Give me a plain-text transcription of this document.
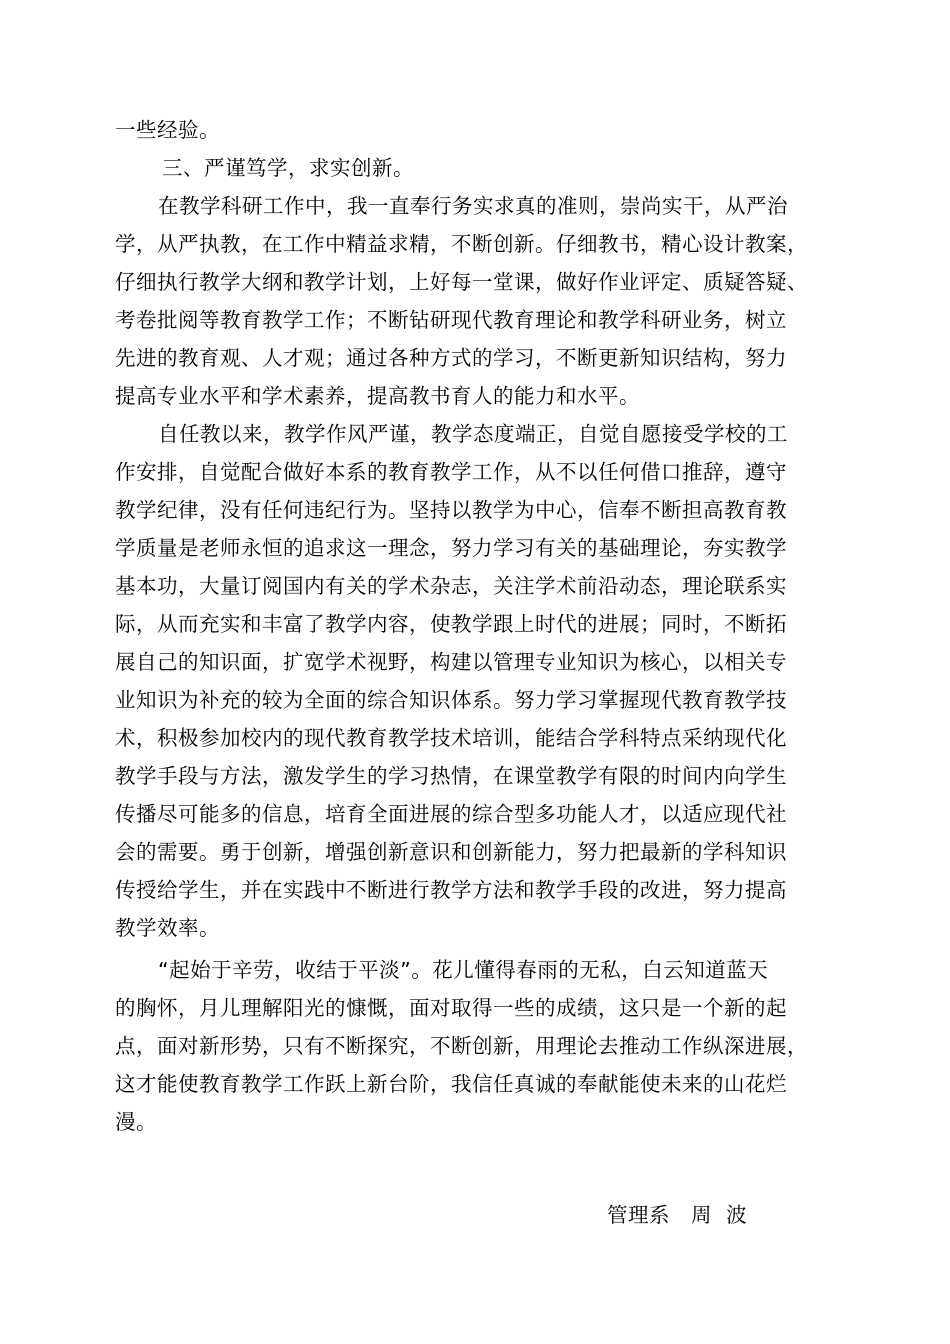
一些经验。
三、严谨笃学，求实创新。
在教学科研工作中，我一直奉行务实求真的准则，崇尚实干，从严治
学，从严执教，在工作中精益求精，不断创新。仔细教书，精心设计教案，
仔细执行教学大纲和教学计划，上好每一堂课，做好作业评定、质疑答疑、
考卷批阅等教育教学工作；不断钻研现代教育理论和教学科研业务，树立
先进的教育观、人才观；通过各种方式的学习，不断更新知识结构，努力
提高专业水平和学术素养，提高教书育人的能力和水平。
自任教以来，教学作风严谨，教学态度端正，自觉自愿接受学校的工
作安排，自觉配合做好本系的教育教学工作，从不以任何借口推辞，遵守
教学纪律，没有任何违纪行为。坚持以教学为中心，信奉不断担高教育教
学质量是老师永恒的追求这一理念，努力学习有关的基础理论，夯实教学
基本功，大量订阅国内有关的学术杂志，关注学术前沿动态，理论联系实
际，从而充实和丰富了教学内容，使教学跟上时代的进展；同时，不断拓
展自己的知识面，扩宽学术视野，构建以管理专业知识为核心，以相关专
业知识为补充的较为全面的综合知识体系。努力学习掌握现代教育教学技
术，积极参加校内的现代教育教学技术培训，能结合学科特点采纳现代化
教学手段与方法，激发学生的学习热情，在课堂教学有限的时间内向学生
传播尽可能多的信息，培育全面进展的综合型多功能人才，以适应现代社
会的需要。勇于创新，增强创新意识和创新能力，努力把最新的学科知识
传授给学生，并在实践中不断进行教学方法和教学手段的改进，努力提高
教学效率。
“起始于辛劳，收结于平淡”。花儿懂得春雨的无私，白云知道蓝天
的胸怀，月儿理解阳光的慷慨，面对取得一些的成绩，这只是一个新的起
点，面对新形势，只有不断探究，不断创新，用理论去推动工作纵深进展，
这才能使教育教学工作跃上新台阶，我信任真诚的奉献能使未来的山花烂
漫。
管理系   周  波
